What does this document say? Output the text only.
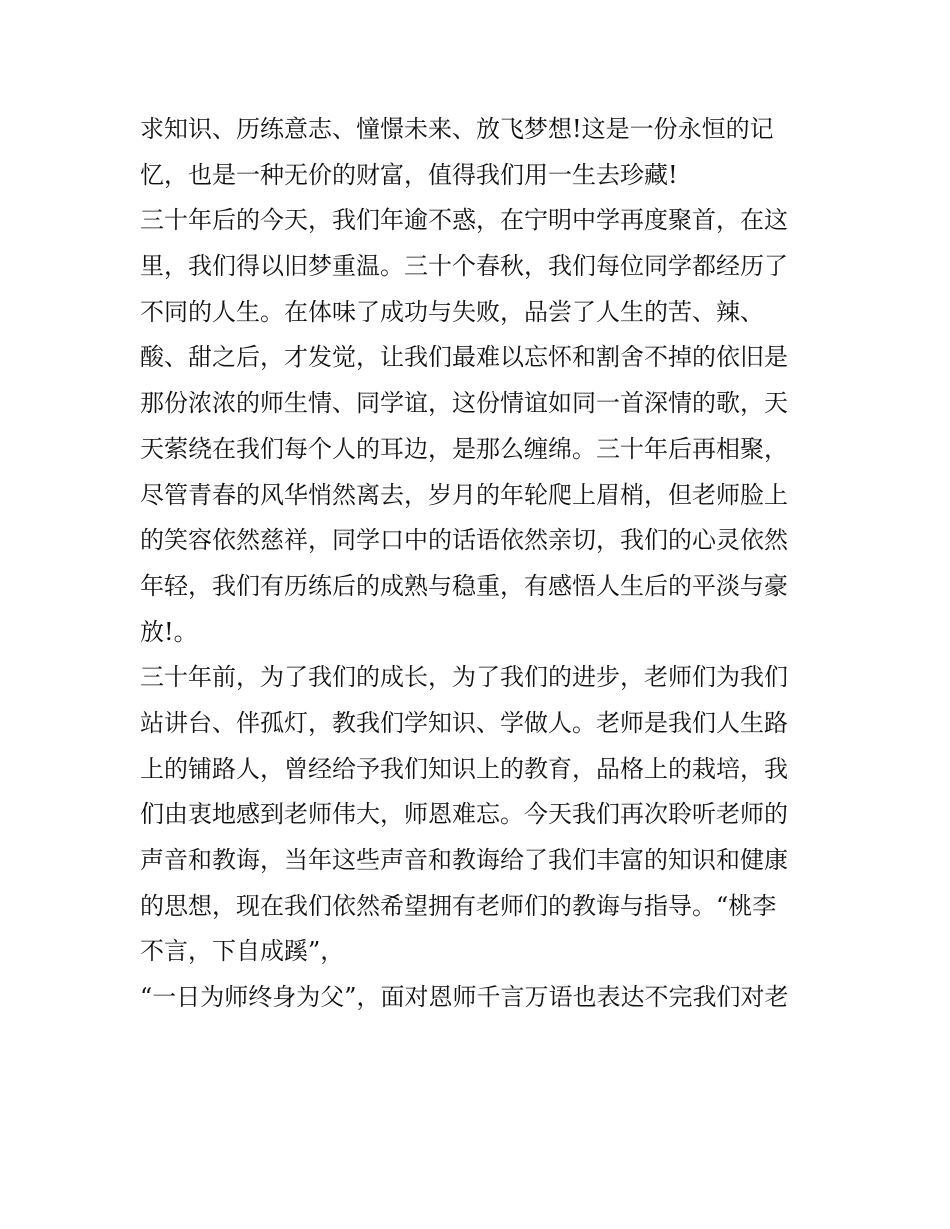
求知识、历练意志、憧憬未来、放飞梦想!这是一份永恒的记
忆，也是一种无价的财富，值得我们用一生去珍藏!
三十年后的今天，我们年逾不惑，在宁明中学再度聚首，在这
里，我们得以旧梦重温。三十个春秋，我们每位同学都经历了
不同的人生。在体味了成功与失败，品尝了人生的苦、辣、
酸、甜之后，才发觉，让我们最难以忘怀和割舍不掉的依旧是
那份浓浓的师生情、同学谊，这份情谊如同一首深情的歌，天
天萦绕在我们每个人的耳边，是那么缠绵。三十年后再相聚，
尽管青春的风华悄然离去，岁月的年轮爬上眉梢，但老师脸上
的笑容依然慈祥，同学口中的话语依然亲切，我们的心灵依然
年轻，我们有历练后的成熟与稳重，有感悟人生后的平淡与豪
放!。
三十年前，为了我们的成长，为了我们的进步，老师们为我们
站讲台、伴孤灯，教我们学知识、学做人。老师是我们人生路
上的铺路人，曾经给予我们知识上的教育，品格上的栽培，我
们由衷地感到老师伟大，师恩难忘。今天我们再次聆听老师的
声音和教诲，当年这些声音和教诲给了我们丰富的知识和健康
的思想，现在我们依然希望拥有老师们的教诲与指导。“桃李
不言，下自成蹊”，
“一日为师终身为父”，面对恩师千言万语也表达不完我们对老
